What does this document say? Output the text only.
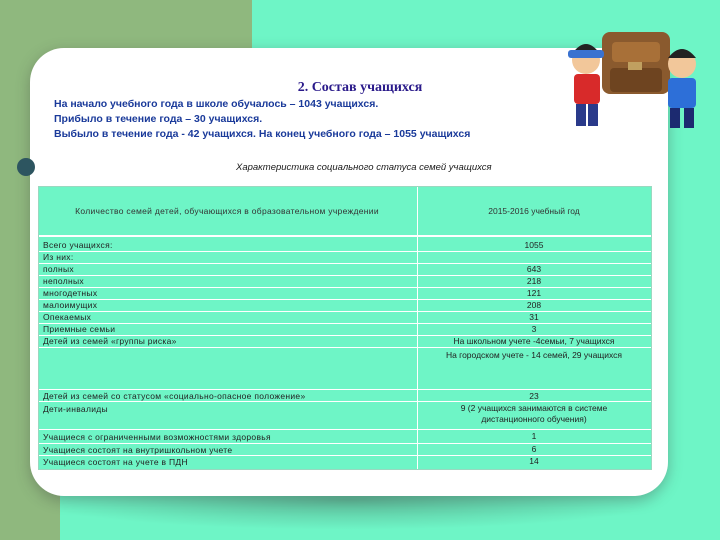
2. Состав учащихся
На начало учебного года в школе обучалось – 1043 учащихся.
Прибыло в течение года – 30 учащихся.
Выбыло в течение года - 42 учащихся. На конец учебного года – 1055 учащихся
Характеристика социального статуса семей учащихся
Количество семей детей, обучающихся в образовательном учреждении	2015-2016 учебный год
Всего учащихся:
Из них:
полных
неполных
многодетных
малоимущих
Опекаемых
Приемные семьи
Детей из семей «группы риска»
Детей из семей со статусом «социально-опасное положение»
Дети-инвалиды
Учащиеся с ограниченными возможностями здоровья
Учащиеся состоят на внутришкольном учете
Учащиеся состоят на учете в ПДН
1055
643
218
121
208
31
3
На школьном учете -4семьи, 7 учащихся
На городском учете - 14 семей, 29 учащихся
23
9 (2 учащихся занимаются в системе дистанционного обучения)
1
6
14
